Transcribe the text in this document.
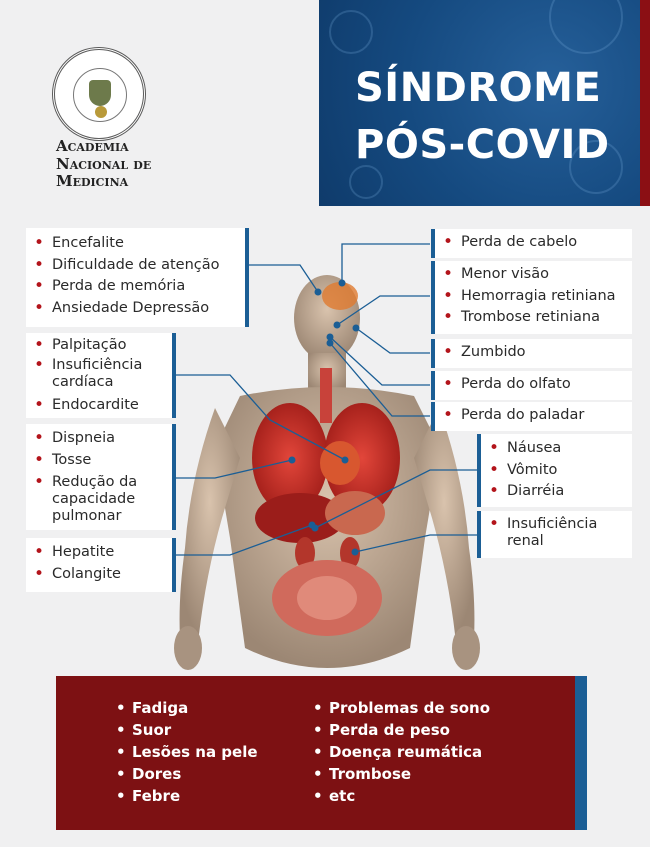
Academia
Nacional de
Medicina
SÍNDROME
PÓS-COVID
• Encefalite
• Dificuldade de atenção
• Perda de memória
• Ansiedade Depressão
• Palpitação
• Insuficiência cardíaca
• Endocardite
• Dispneia
• Tosse
• Redução da capacidade pulmonar
• Hepatite
• Colangite
• Perda de cabelo
• Menor visão
• Hemorragia retiniana
• Trombose retiniana
• Zumbido
• Perda do olfato
• Perda do paladar
• Náusea
• Vômito
• Diarréia
• Insuficiência renal
• Fadiga
• Suor
• Lesões na pele
• Dores
• Febre
• Problemas de sono
• Perda de peso
• Doença reumática
• Trombose
• etc
